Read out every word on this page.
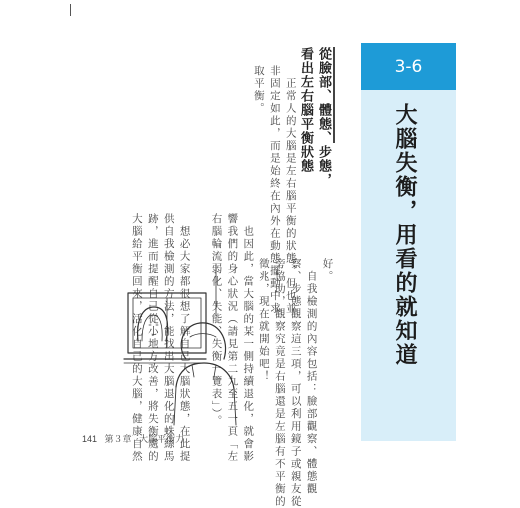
從臉部、體態、步態，
看出左右腦平衡狀態
　正常人的大腦是左右腦平衡的狀態，但也並
非固定如此，而是始終在內外在動態擺動中求
取平衡。
　也因此，當大腦的某一側持續退化，就會影
響我們的身心狀況（請見第二九至五一頁「左
右腦輪流弱化、失能、失衡一覽表」）。

　想必大家都很想了解自己大腦狀態，在此提
供自我檢測的方法，能找出大腦退化的蛛絲馬
跡，進而提醒自己從小地方改善，將失衡處的
大腦給平衡回來，活化自己的大腦，健康自然	好。
　自我檢測的內容包括：臉部觀察、體態觀
察、步態觀察這三項，可以利用鏡子或親友從
旁協助，觀察究竟是右腦還是左腦有不平衡的
徵兆，現在就開始吧！
3-6
大腦失衡，用看的就知道
141 第３章 大腦平衡力
